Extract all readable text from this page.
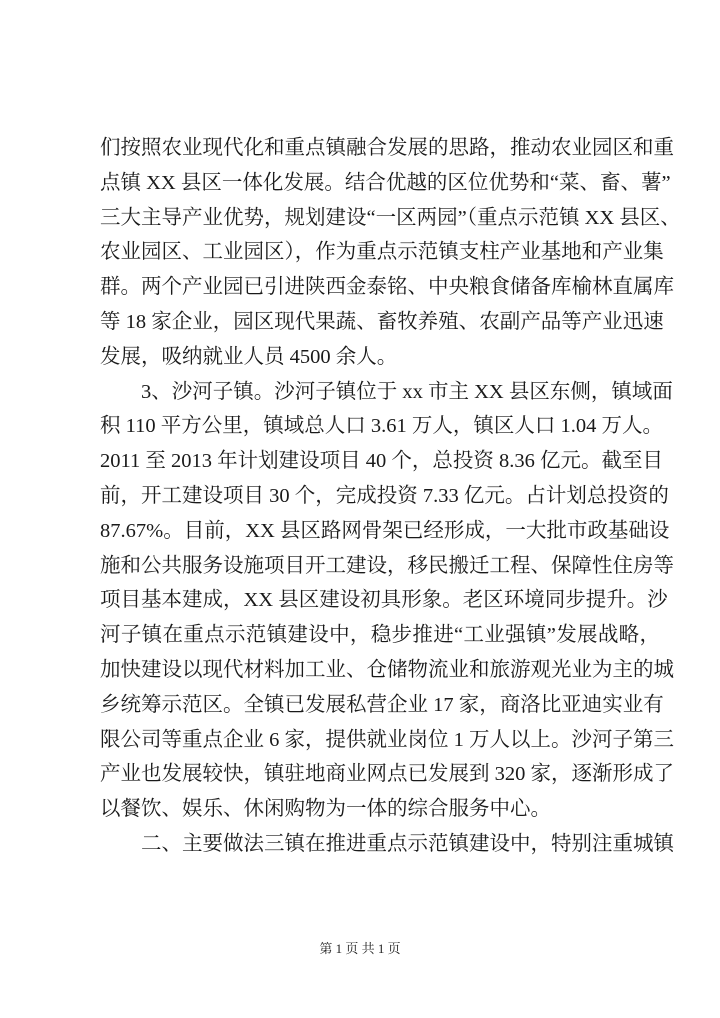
们按照农业现代化和重点镇融合发展的思路，推动农业园区和重
点镇 XX 县区一体化发展。结合优越的区位优势和“菜、畜、薯”
三大主导产业优势，规划建设“一区两园”（重点示范镇 XX 县区、
农业园区、工业园区），作为重点示范镇支柱产业基地和产业集
群。两个产业园已引进陕西金泰铭、中央粮食储备库榆林直属库
等 18 家企业，园区现代果蔬、畜牧养殖、农副产品等产业迅速
发展，吸纳就业人员 4500 余人。
3、沙河子镇。沙河子镇位于 xx 市主 XX 县区东侧，镇域面
积 110 平方公里，镇域总人口 3.61 万人，镇区人口 1.04 万人。
2011 至 2013 年计划建设项目 40 个，总投资 8.36 亿元。截至目
前，开工建设项目 30 个，完成投资 7.33 亿元。占计划总投资的
87.67%。目前，XX 县区路网骨架已经形成，一大批市政基础设
施和公共服务设施项目开工建设，移民搬迁工程、保障性住房等
项目基本建成，XX 县区建设初具形象。老区环境同步提升。沙
河子镇在重点示范镇建设中，稳步推进“工业强镇”发展战略，
加快建设以现代材料加工业、仓储物流业和旅游观光业为主的城
乡统筹示范区。全镇已发展私营企业 17 家，商洛比亚迪实业有
限公司等重点企业 6 家，提供就业岗位 1 万人以上。沙河子第三
产业也发展较快，镇驻地商业网点已发展到 320 家，逐渐形成了
以餐饮、娱乐、休闲购物为一体的综合服务中心。
二、主要做法三镇在推进重点示范镇建设中，特别注重城镇
第 1 页 共 1 页
